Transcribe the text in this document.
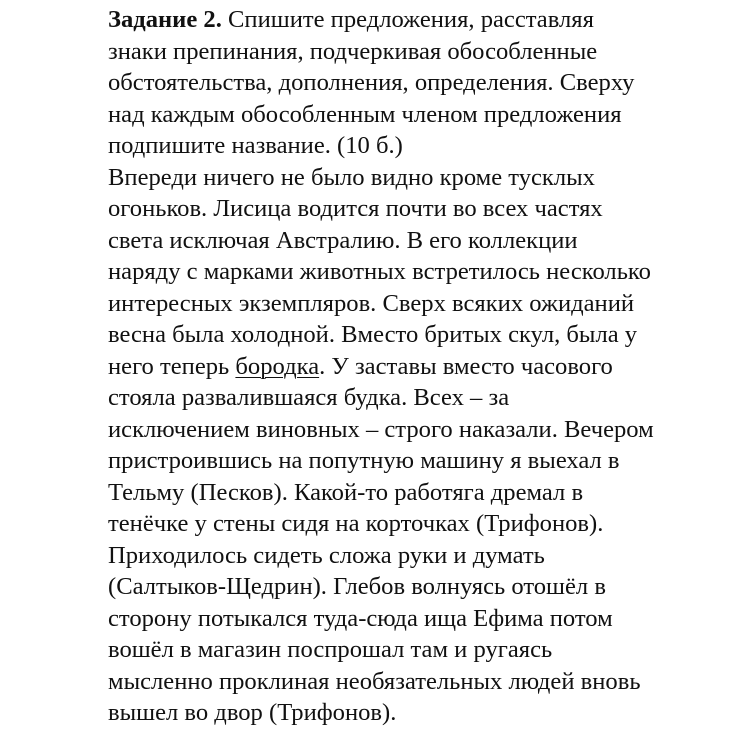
Задание 2. Спишите предложения, расставляя
знаки препинания, подчеркивая обособленные
обстоятельства, дополнения, определения. Сверху
над каждым обособленным членом предложения
подпишите название. (10 б.)
Впереди ничего не было видно кроме тусклых
огоньков. Лисица водится почти во всех частях
света исключая Австралию. В его коллекции
наряду с марками животных встретилось несколько
интересных экземпляров. Сверх всяких ожиданий
весна была холодной. Вместо бритых скул, была у
него теперь бородка. У заставы вместо часового
стояла развалившаяся будка. Всех – за
исключением виновных – строго наказали. Вечером
пристроившись на попутную машину я выехал в
Тельму (Песков). Какой-то работяга дремал в
тенёчке у стены сидя на корточках (Трифонов).
Приходилось сидеть сложа руки и думать
(Салтыков-Щедрин). Глебов волнуясь отошёл в
сторону потыкался туда-сюда ища Ефима потом
вошёл в магазин поспрошал там и ругаясь
мысленно проклиная необязательных людей вновь
вышел во двор (Трифонов).
